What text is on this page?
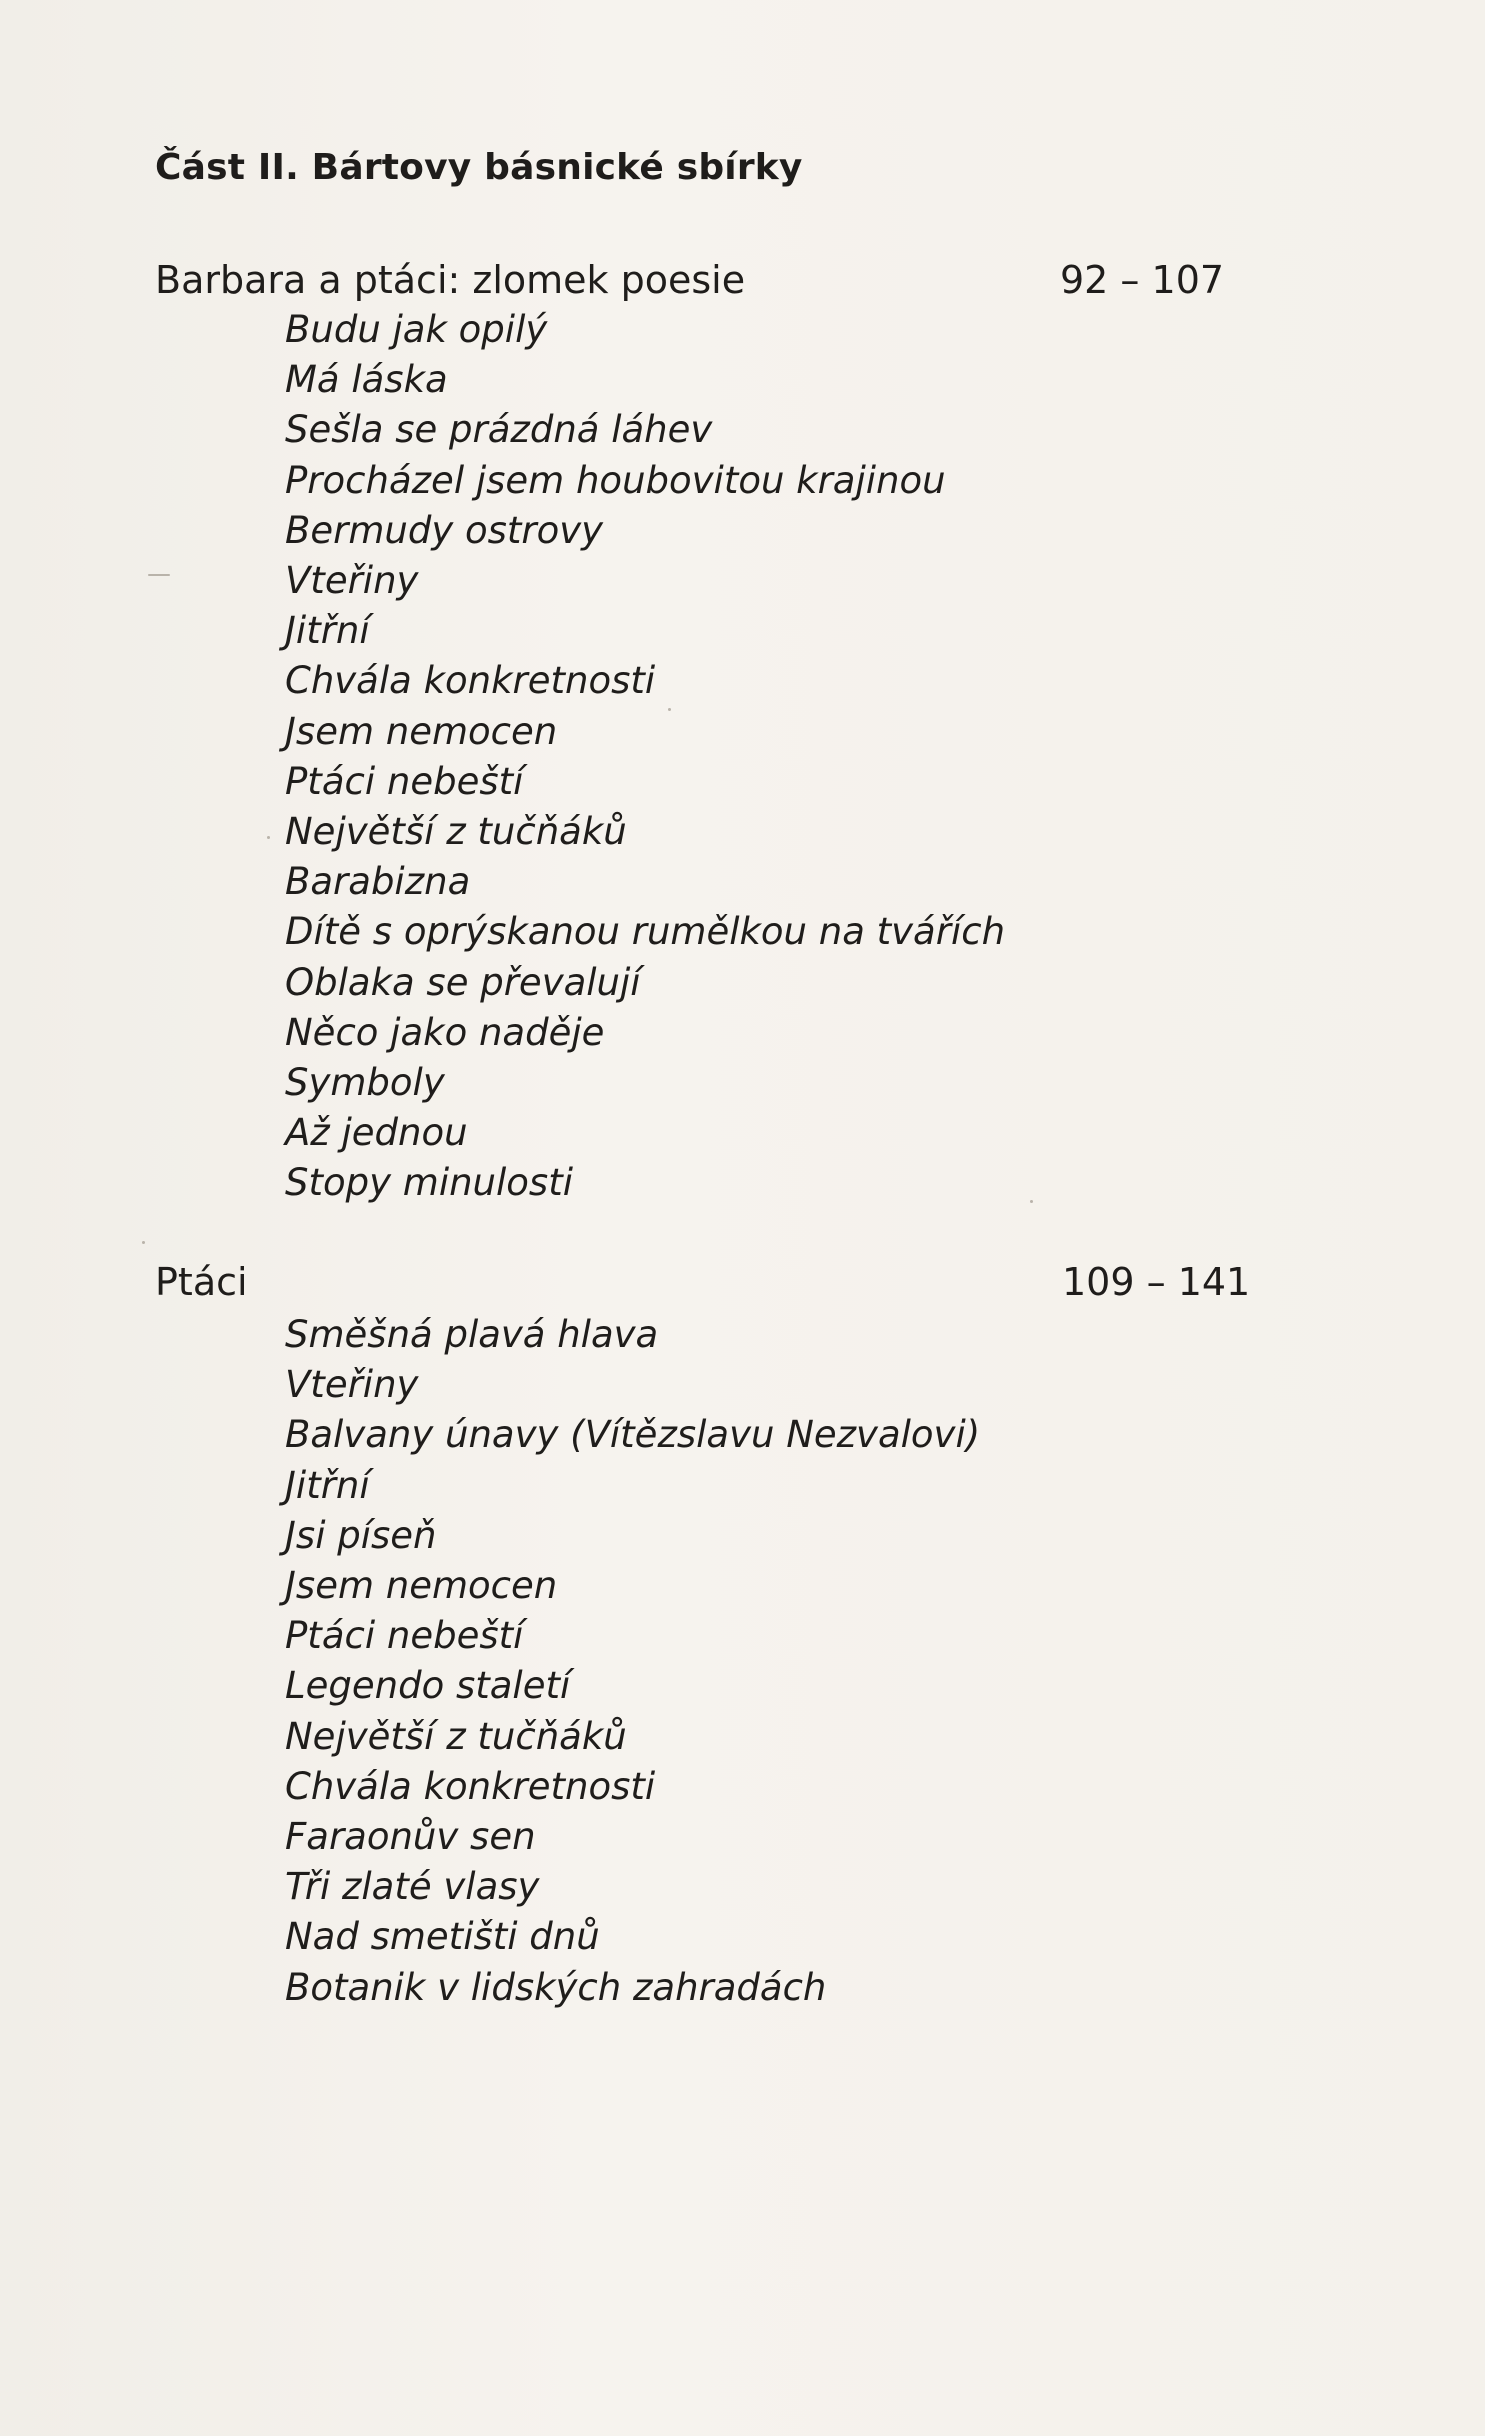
Část II. Bártovy básnické sbírky
Barbara a ptáci: zlomek poesie	92 – 107
Budu jak opilý
Má láska
Sešla se prázdná láhev
Procházel jsem houbovitou krajinou
Bermudy ostrovy
Vteřiny
Jitřní
Chvála konkretnosti
Jsem nemocen
Ptáci nebeští
Největší z tučňáků
Barabizna
Dítě s oprýskanou rumělkou na tvářích
Oblaka se převalují
Něco jako naděje
Symboly
Až jednou
Stopy minulosti
Ptáci	109 – 141
Směšná plavá hlava
Vteřiny
Balvany únavy (Vítězslavu Nezvalovi)
Jitřní
Jsi píseň
Jsem nemocen
Ptáci nebeští
Legendo staletí
Největší z tučňáků
Chvála konkretnosti
Faraonův sen
Tři zlaté vlasy
Nad smetišti dnů
Botanik v lidských zahradách
